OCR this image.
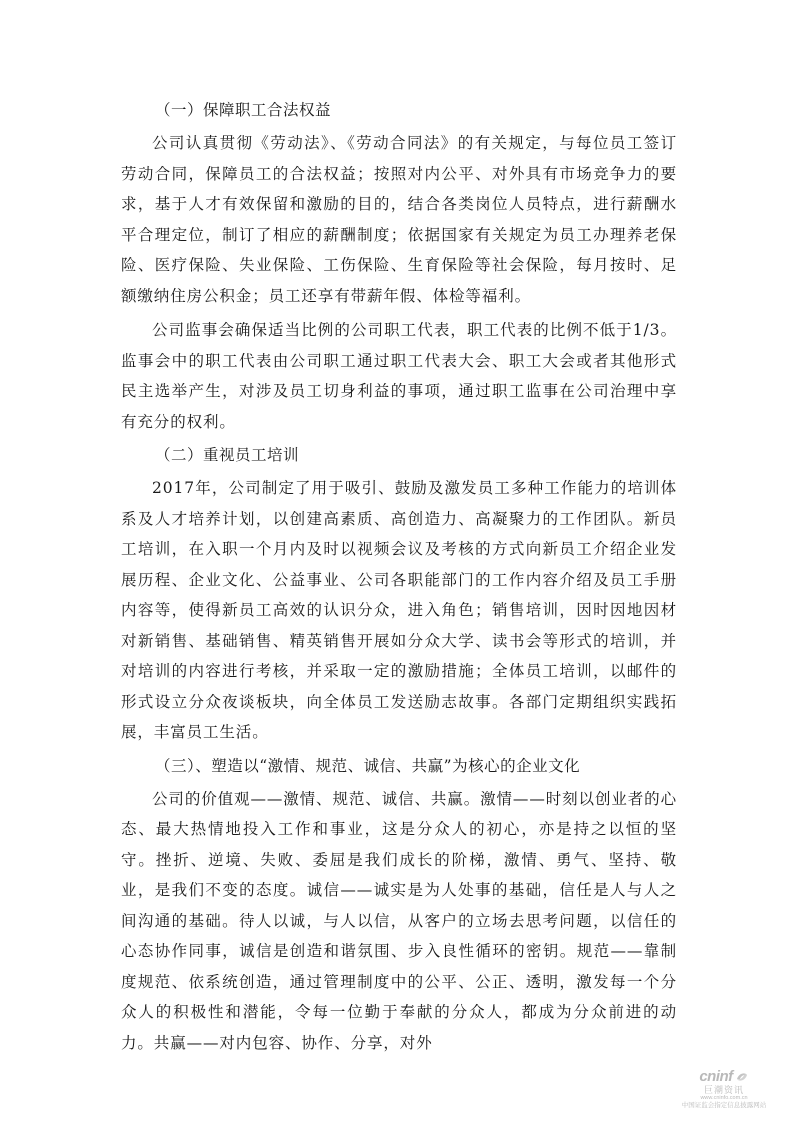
（一）保障职工合法权益

公司认真贯彻《劳动法》、《劳动合同法》的有关规定，与每位员工签订劳动合同，保障员工的合法权益；按照对内公平、对外具有市场竞争力的要求，基于人才有效保留和激励的目的，结合各类岗位人员特点，进行薪酬水平合理定位，制订了相应的薪酬制度；依据国家有关规定为员工办理养老保险、医疗保险、失业保险、工伤保险、生育保险等社会保险，每月按时、足额缴纳住房公积金；员工还享有带薪年假、体检等福利。

公司监事会确保适当比例的公司职工代表，职工代表的比例不低于1/3。监事会中的职工代表由公司职工通过职工代表大会、职工大会或者其他形式民主选举产生，对涉及员工切身利益的事项，通过职工监事在公司治理中享有充分的权利。

（二）重视员工培训

2017年，公司制定了用于吸引、鼓励及激发员工多种工作能力的培训体系及人才培养计划，以创建高素质、高创造力、高凝聚力的工作团队。新员工培训，在入职一个月内及时以视频会议及考核的方式向新员工介绍企业发展历程、企业文化、公益事业、公司各职能部门的工作内容介绍及员工手册内容等，使得新员工高效的认识分众，进入角色；销售培训，因时因地因材对新销售、基础销售、精英销售开展如分众大学、读书会等形式的培训，并对培训的内容进行考核，并采取一定的激励措施；全体员工培训，以邮件的形式设立分众夜谈板块，向全体员工发送励志故事。各部门定期组织实践拓展，丰富员工生活。

（三）、塑造以“激情、规范、诚信、共赢”为核心的企业文化

公司的价值观——激情、规范、诚信、共赢。激情——时刻以创业者的心态、最大热情地投入工作和事业，这是分众人的初心，亦是持之以恒的坚守。挫折、逆境、失败、委屈是我们成长的阶梯，激情、勇气、坚持、敬业，是我们不变的态度。诚信——诚实是为人处事的基础，信任是人与人之间沟通的基础。待人以诚，与人以信，从客户的立场去思考问题，以信任的心态协作同事，诚信是创造和谐氛围、步入良性循环的密钥。规范——靠制度规范、依系统创造，通过管理制度中的公平、公正、透明，激发每一个分众人的积极性和潜能，令每一位勤于奉献的分众人，都成为分众前进的动力。共赢——对内包容、协作、分享，对外

cninf
巨潮资讯
www.cninfo.com.cn
中国证监会指定信息披露网站
